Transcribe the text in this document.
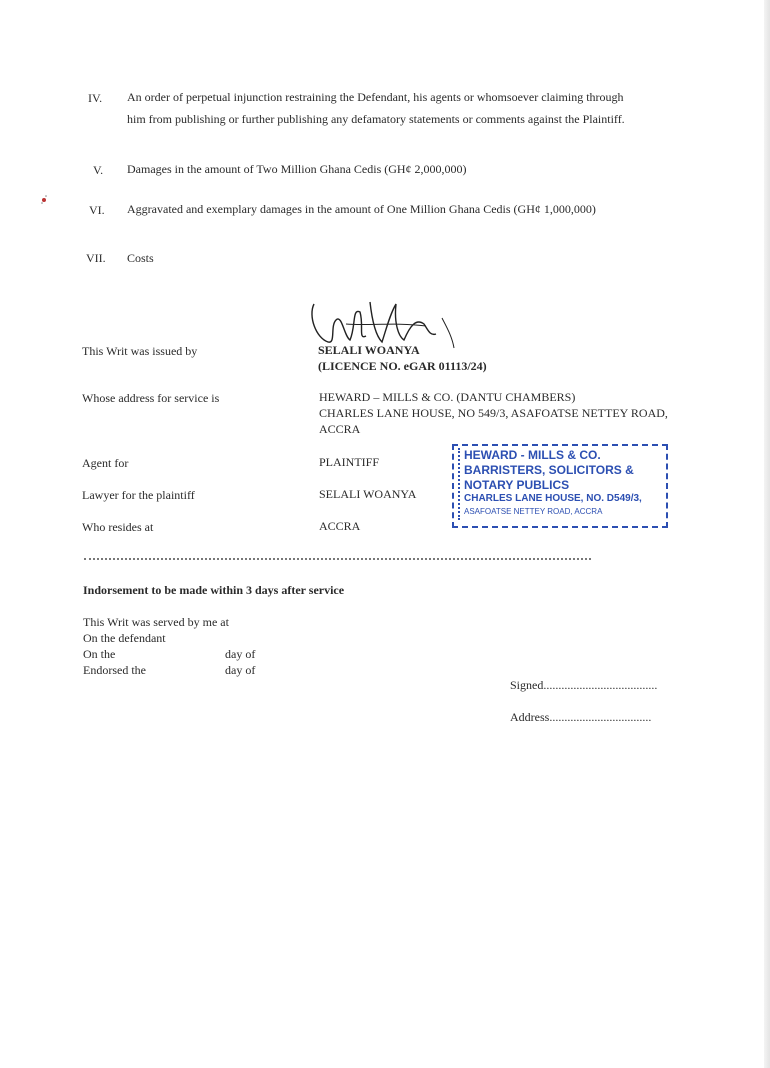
IV. An order of perpetual injunction restraining the Defendant, his agents or whomsoever claiming through
him from publishing or further publishing any defamatory statements or comments against the Plaintiff.
V. Damages in the amount of Two Million Ghana Cedis (GH¢ 2,000,000)
VI. Aggravated and exemplary damages in the amount of One Million Ghana Cedis (GH¢ 1,000,000)
VII. Costs
This Writ was issued by	SELALI WOANYA
(LICENCE NO. eGAR 01113/24)
Whose address for service is	HEWARD – MILLS & CO. (DANTU CHAMBERS)
CHARLES LANE HOUSE, NO 549/3, ASAFOATSE NETTEY ROAD,
ACCRA
Agent for	PLAINTIFF
Lawyer for the plaintiff	SELALI WOANYA
Who resides at	ACCRA
HEWARD - MILLS & CO.
BARRISTERS, SOLICITORS &
NOTARY PUBLICS
CHARLES LANE HOUSE, NO. D549/3,
ASAFOATSE NETTEY ROAD, ACCRA
Indorsement to be made within 3 days after service
This Writ was served by me at
On the defendant
On the	day of
Endorsed the	day of
Signed......................................
Address..................................
